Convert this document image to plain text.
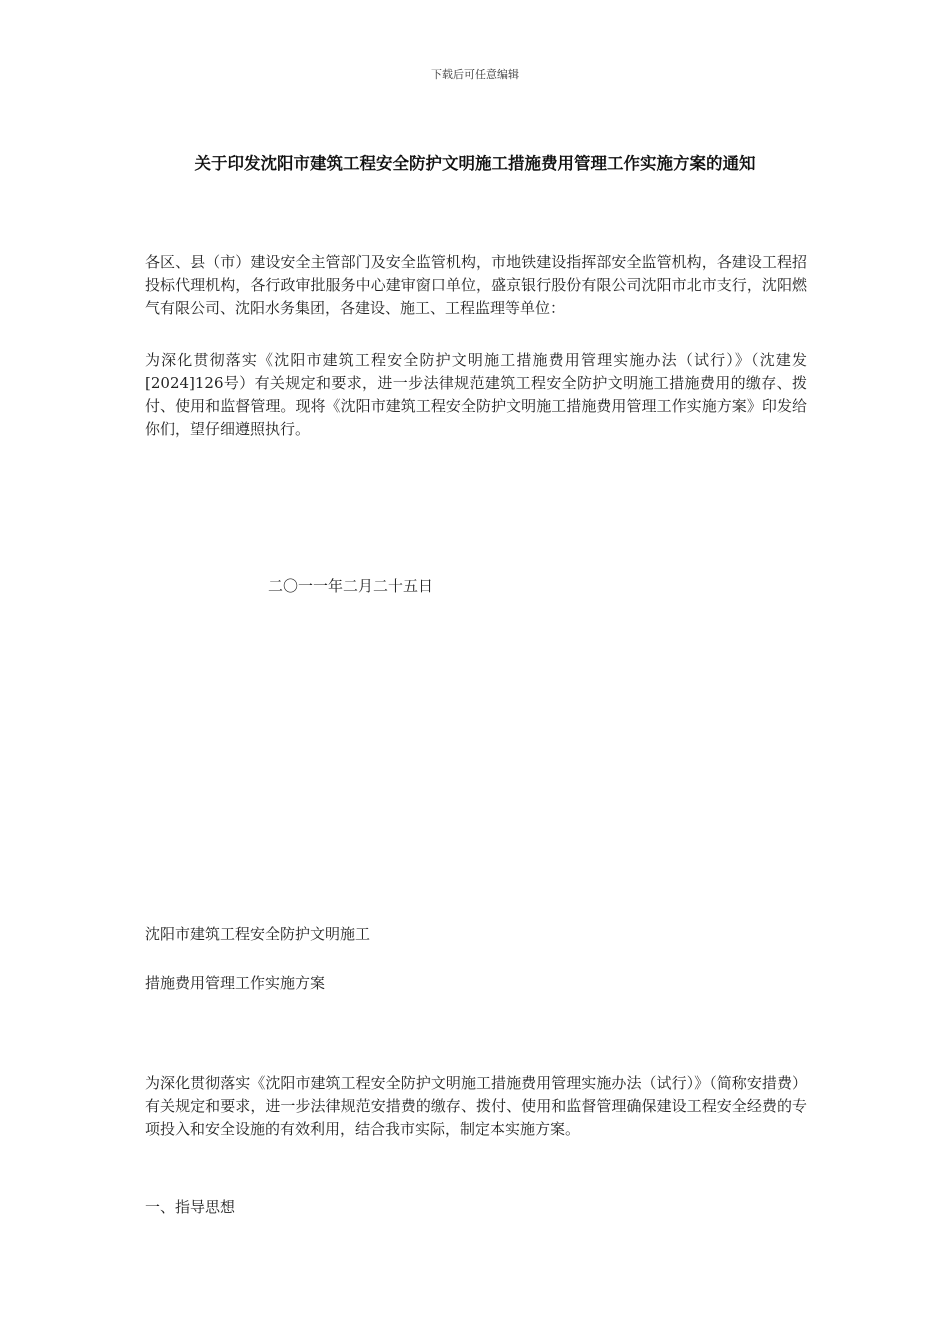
下载后可任意编辑
关于印发沈阳市建筑工程安全防护文明施工措施费用管理工作实施方案的通知

各区、县（市）建设安全主管部门及安全监管机构，市地铁建设指挥部安全监管机构，各建设工程招投标代理机构，各行政审批服务中心建审窗口单位，盛京银行股份有限公司沈阳市北市支行，沈阳燃气有限公司、沈阳水务集团，各建设、施工、工程监理等单位：

为深化贯彻落实《沈阳市建筑工程安全防护文明施工措施费用管理实施办法（试行）》（沈建发[2024]126号）有关规定和要求，进一步法律规范建筑工程安全防护文明施工措施费用的缴存、拨付、使用和监督管理。现将《沈阳市建筑工程安全防护文明施工措施费用管理工作实施方案》印发给你们，望仔细遵照执行。

二〇一一年二月二十五日

沈阳市建筑工程安全防护文明施工

措施费用管理工作实施方案

为深化贯彻落实《沈阳市建筑工程安全防护文明施工措施费用管理实施办法（试行）》（简称安措费）有关规定和要求，进一步法律规范安措费的缴存、拨付、使用和监督管理确保建设工程安全经费的专项投入和安全设施的有效利用，结合我市实际，制定本实施方案。

一、指导思想
